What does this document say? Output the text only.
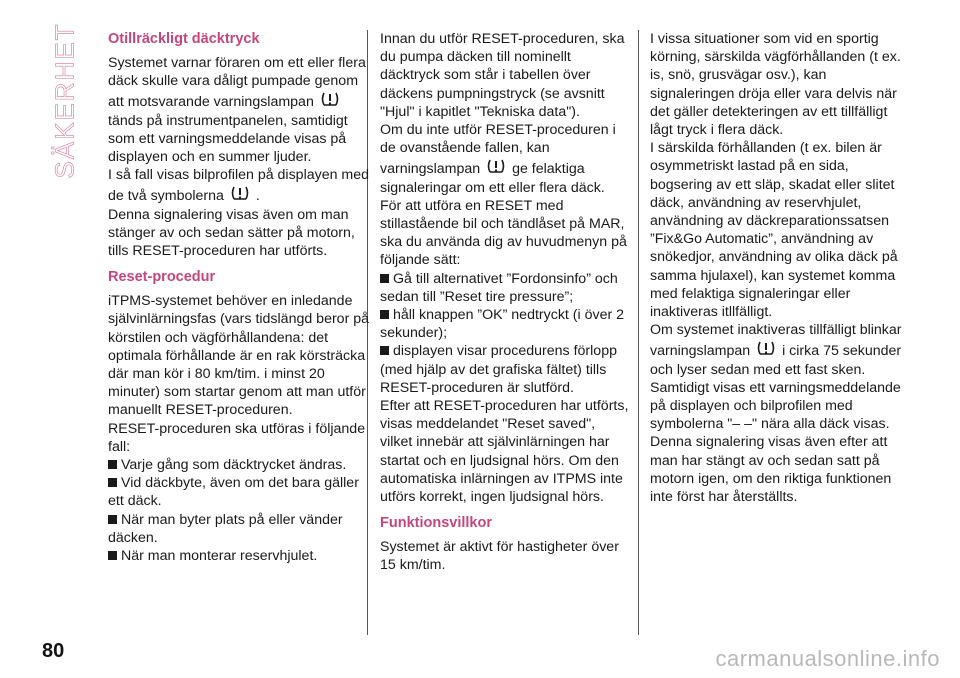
SÄKERHET
80
Otillräckligt däcktryck

Systemet varnar föraren om ett eller flera däck skulle vara dåligt pumpade genom att motsvarande varningslampan  tänds på instrumentpanelen, samtidigt som ett varningsmeddelande visas på displayen och en summer ljuder.

I så fall visas bilprofilen på displayen med de två symbolerna .

Denna signalering visas även om man stänger av och sedan sätter på motorn, tills RESET-proceduren har utförts.

Reset-procedur

iTPMS-systemet behöver en inledande självinlärningsfas (vars tidslängd beror på körstilen och vägförhållandena: det optimala förhållande är en rak körsträcka där man kör i 80 km/tim. i minst 20 minuter) som startar genom att man utför manuellt RESET-proceduren.

RESET-proceduren ska utföras i följande fall:

Varje gång som däcktrycket ändras.

Vid däckbyte, även om det bara gäller ett däck.

När man byter plats på eller vänder däcken.

När man monterar reservhjulet.

Innan du utför RESET-proceduren, ska du pumpa däcken till nominellt däcktryck som står i tabellen över däckens pumpningstryck (se avsnitt "Hjul" i kapitlet "Tekniska data").

Om du inte utför RESET-proceduren i de ovanstående fallen, kan varningslampan ge felaktiga signaleringar om ett eller flera däck.

För att utföra en RESET med stillastående bil och tändlåset på MAR, ska du använda dig av huvudmenyn på följande sätt:

Gå till alternativet ”Fordonsinfo” och sedan till ”Reset tire pressure”;

håll knappen ”OK” nedtryckt (i över 2 sekunder);

displayen visar procedurens förlopp (med hjälp av det grafiska fältet) tills RESET-proceduren är slutförd.

Efter att RESET-proceduren har utförts, visas meddelandet "Reset saved", vilket innebär att självinlärningen har startat och en ljudsignal hörs. Om den automatiska inlärningen av ITPMS inte utförs korrekt, ingen ljudsignal hörs.

Funktionsvillkor

Systemet är aktivt för hastigheter över 15 km/tim.

I vissa situationer som vid en sportig körning, särskilda vägförhållanden (t ex. is, snö, grusvägar osv.), kan signaleringen dröja eller vara delvis när det gäller detekteringen av ett tillfälligt lågt tryck i flera däck.

I särskilda förhållanden (t ex. bilen är osymmetriskt lastad på en sida, bogsering av ett släp, skadat eller slitet däck, användning av reservhjulet, användning av däckreparationssatsen ”Fix&Go Automatic”, användning av snökedjor, användning av olika däck på samma hjulaxel), kan systemet komma med felaktiga signaleringar eller inaktiveras itllfälligt.

Om systemet inaktiveras tillfälligt blinkar varningslampan i cirka 75 sekunder och lyser sedan med ett fast sken. Samtidigt visas ett varningsmeddelande på displayen och bilprofilen med symbolerna "– –" nära alla däck visas.

Denna signalering visas även efter att man har stängt av och sedan satt på motorn igen, om den riktiga funktionen inte först har återställts.

carmanualsonline.info
